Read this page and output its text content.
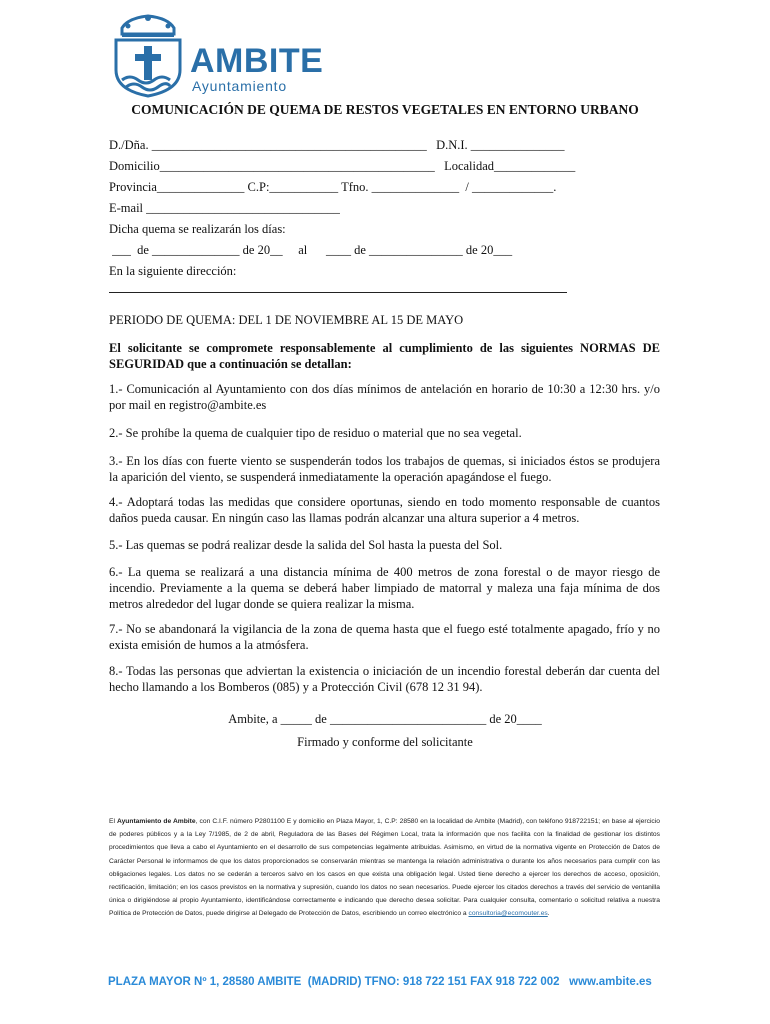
AMBITE
Ayuntamiento
COMUNICACIÓN DE QUEMA DE RESTOS VEGETALES EN ENTORNO URBANO
D./Dña. ____________________________________________   D.N.I. _______________
Domicilio____________________________________________   Localidad_____________
Provincia______________ C.P:___________ Tfno. ______________  / _____________.
E-mail _______________________________
Dicha quema se realizarán los días:
___  de ______________ de 20__     al      ____ de _______________ de 20___
En la siguiente dirección:
PERIODO DE QUEMA: DEL 1 DE NOVIEMBRE AL 15 DE MAYO
El solicitante se compromete responsablemente al cumplimiento de las siguientes NORMAS DE SEGURIDAD que a continuación se detallan:
1.- Comunicación al Ayuntamiento con dos días mínimos de antelación en horario de 10:30 a 12:30 hrs. y/o por mail en registro@ambite.es
2.- Se prohíbe la quema de cualquier tipo de residuo o material que no sea vegetal.
3.- En los días con fuerte viento se suspenderán todos los trabajos de quemas, si iniciados éstos se produjera la aparición del viento, se suspenderá inmediatamente la operación apagándose el fuego.
4.- Adoptará todas las medidas que considere oportunas, siendo en todo momento responsable de cuantos daños pueda causar. En ningún caso las llamas podrán alcanzar una altura superior a 4 metros.
5.- Las quemas se podrá realizar desde la salida del Sol hasta la puesta del Sol.
6.- La quema se realizará a una distancia mínima de 400 metros de zona forestal o de mayor riesgo de incendio. Previamente a la quema se deberá haber limpiado de matorral y maleza una faja mínima de dos metros alrededor del lugar donde se quiera realizar la misma.
7.- No se abandonará la vigilancia de la zona de quema hasta que el fuego esté totalmente apagado, frío y no exista emisión de humos a la atmósfera.
8.- Todas las personas que adviertan la existencia o iniciación de un incendio forestal deberán dar cuenta del hecho llamando a los Bomberos (085) y a Protección Civil (678 12 31 94).
Ambite, a _____ de _________________________ de 20____
Firmado y conforme del solicitante
El Ayuntamiento de Ambite, con C.I.F. número P2801100 E y domicilio en Plaza Mayor, 1, C.P: 28580 en la localidad de Ambite (Madrid), con teléfono 918722151; en base al ejercicio de poderes públicos y a la Ley 7/1985, de 2 de abril, Reguladora de las Bases del Régimen Local, trata la información que nos facilita con la finalidad de gestionar los distintos procedimientos que lleva a cabo el Ayuntamiento en el desarrollo de sus competencias legalmente atribuidas. Asimismo, en virtud de la normativa vigente en Protección de Datos de Carácter Personal le informamos de que los datos proporcionados se conservarán mientras se mantenga la relación administrativa o durante los años necesarios para cumplir con las obligaciones legales. Los datos no se cederán a terceros salvo en los casos en que exista una obligación legal. Usted tiene derecho a ejercer los derechos de acceso, oposición, rectificación, limitación; en los casos previstos en la normativa y supresión, cuando los datos no sean necesarios. Puede ejercer los citados derechos a través del servicio de ventanilla única o dirigiéndose al propio Ayuntamiento, identificándose correctamente e indicando que derecho desea solicitar. Para cualquier consulta, comentario o solicitud relativa a nuestra Política de Protección de Datos, puede dirigirse al Delegado de Protección de Datos, escribiendo un correo electrónico a consultoria@ecomouter.es.
PLAZA MAYOR Nº 1, 28580 AMBITE  (MADRID) TFNO: 918 722 151 FAX 918 722 002   www.ambite.es
